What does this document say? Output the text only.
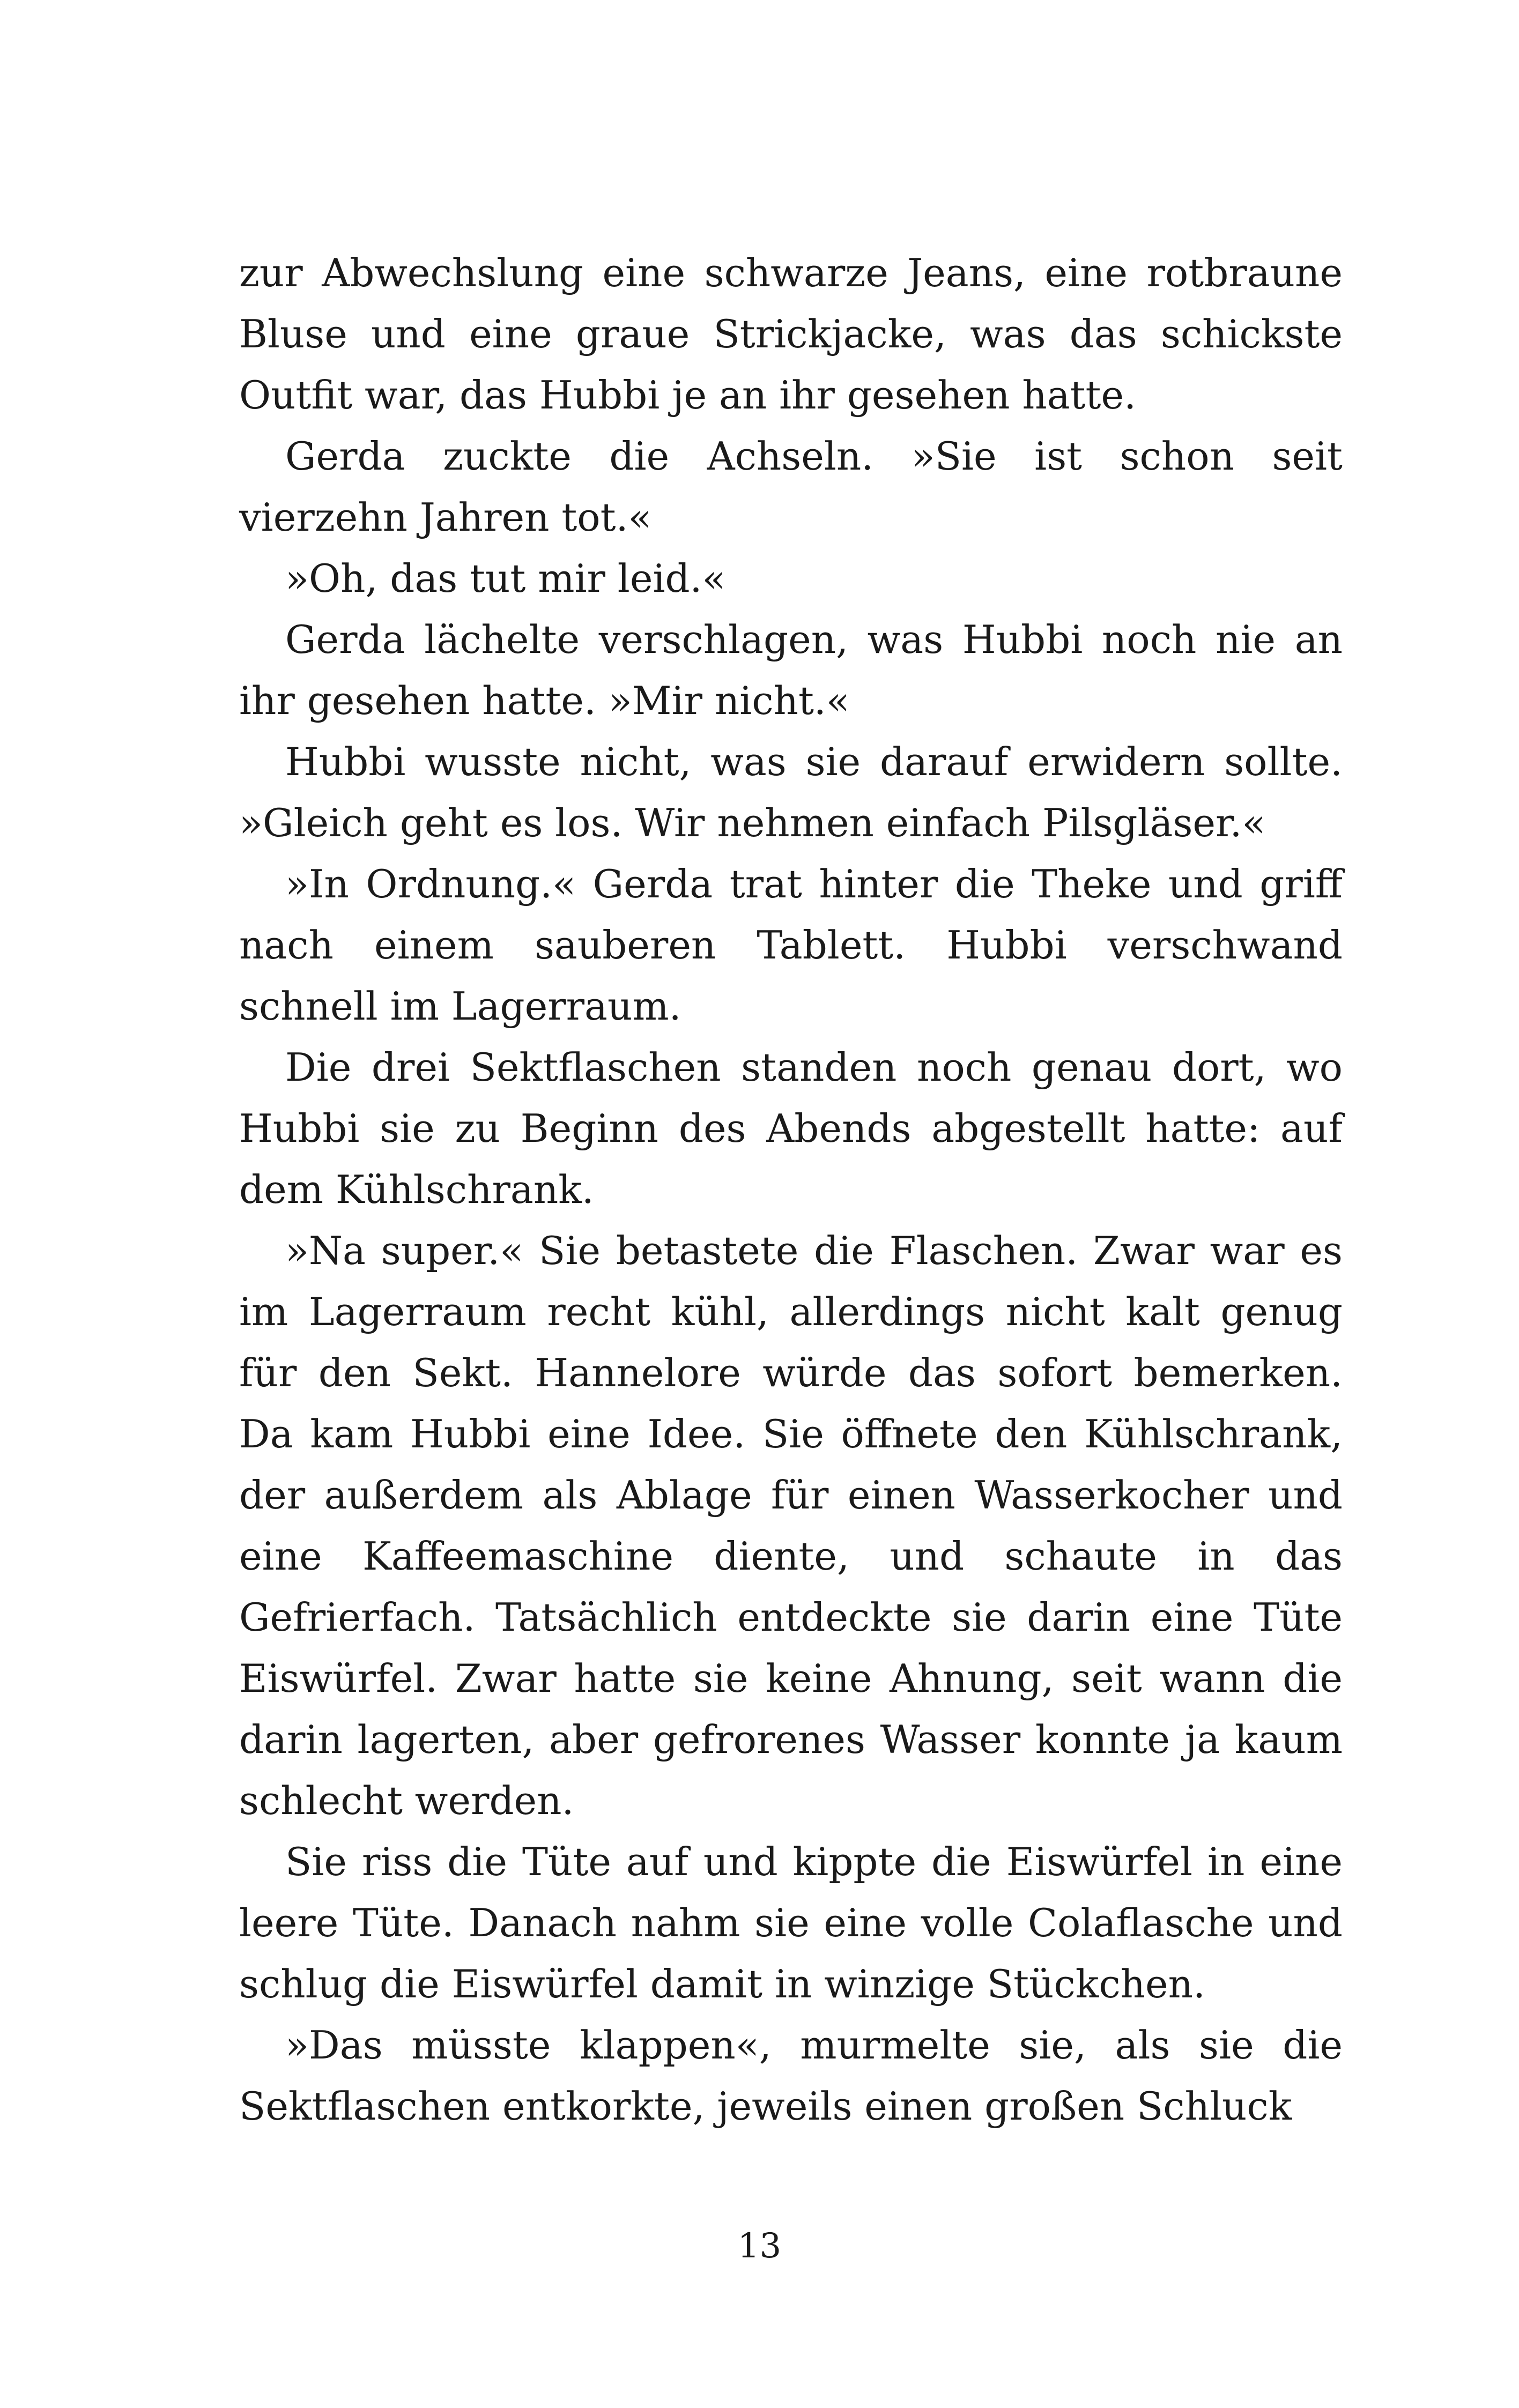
zur Abwechslung eine schwarze Jeans, eine rotbraune Bluse und eine graue Strickjacke, was das schickste Outfit war, das Hubbi je an ihr gesehen hatte.

Gerda zuckte die Achseln. »Sie ist schon seit vierzehn Jahren tot.«

»Oh, das tut mir leid.«

Gerda lächelte verschlagen, was Hubbi noch nie an ihr gesehen hatte. »Mir nicht.«

Hubbi wusste nicht, was sie darauf erwidern sollte. »Gleich geht es los. Wir nehmen einfach Pilsgläser.«

»In Ordnung.« Gerda trat hinter die Theke und griff nach einem sauberen Tablett. Hubbi verschwand schnell im Lagerraum.

Die drei Sektflaschen standen noch genau dort, wo Hubbi sie zu Beginn des Abends abgestellt hatte: auf dem Kühlschrank.

»Na super.« Sie betastete die Flaschen. Zwar war es im Lagerraum recht kühl, allerdings nicht kalt genug für den Sekt. Hannelore würde das sofort bemerken. Da kam Hubbi eine Idee. Sie öffnete den Kühlschrank, der außerdem als Ablage für einen Wasserkocher und eine Kaffeemaschine diente, und schaute in das Gefrierfach. Tatsächlich entdeckte sie darin eine Tüte Eiswürfel. Zwar hatte sie keine Ahnung, seit wann die darin lagerten, aber gefrorenes Wasser konnte ja kaum schlecht werden.

Sie riss die Tüte auf und kippte die Eiswürfel in eine leere Tüte. Danach nahm sie eine volle Colaflasche und schlug die Eiswürfel damit in winzige Stückchen.

»Das müsste klappen«, murmelte sie, als sie die Sektflaschen entkorkte, jeweils einen großen Schluck

13
